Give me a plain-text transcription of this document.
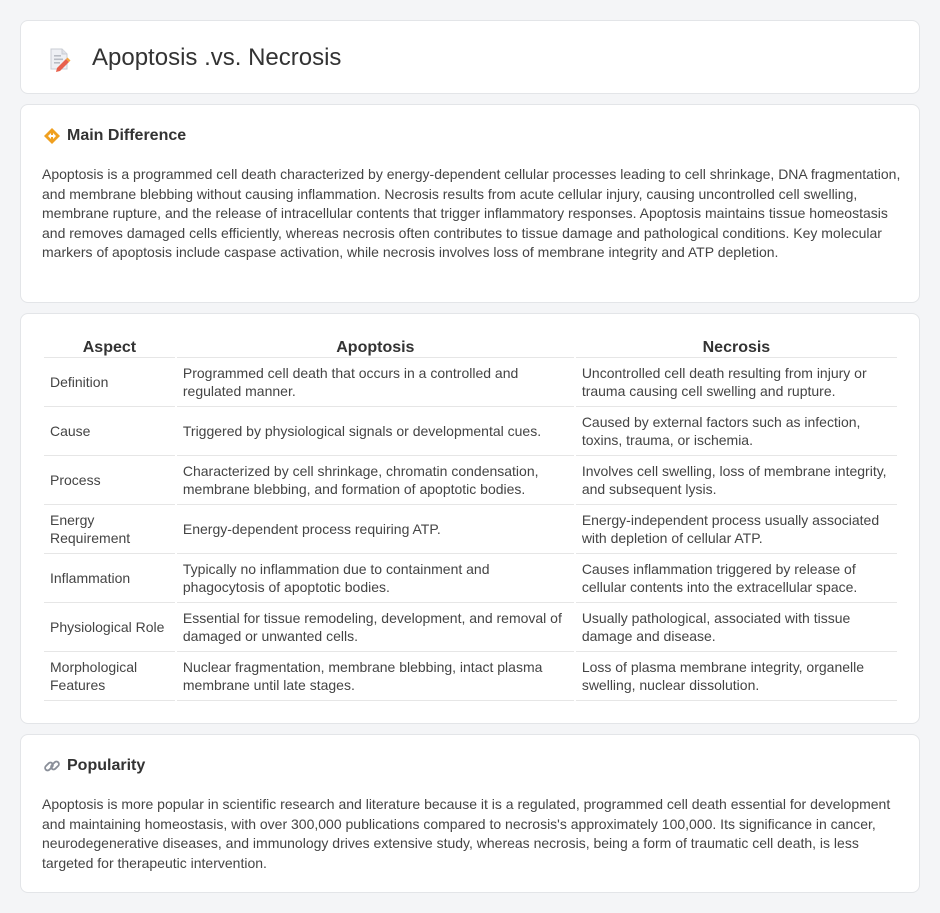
Apoptosis .vs. Necrosis
Main Difference

Apoptosis is a programmed cell death characterized by energy-dependent cellular processes leading to cell shrinkage, DNA fragmentation, and membrane blebbing without causing inflammation. Necrosis results from acute cellular injury, causing uncontrolled cell swelling, membrane rupture, and the release of intracellular contents that trigger inflammatory responses. Apoptosis maintains tissue homeostasis and removes damaged cells efficiently, whereas necrosis often contributes to tissue damage and pathological conditions. Key molecular markers of apoptosis include caspase activation, while necrosis involves loss of membrane integrity and ATP depletion.

Aspect	Apoptosis	Necrosis
Definition	Programmed cell death that occurs in a controlled and regulated manner.	Uncontrolled cell death resulting from injury or trauma causing cell swelling and rupture.
Cause	Triggered by physiological signals or developmental cues.	Caused by external factors such as infection, toxins, trauma, or ischemia.
Process	Characterized by cell shrinkage, chromatin condensation, membrane blebbing, and formation of apoptotic bodies.	Involves cell swelling, loss of membrane integrity, and subsequent lysis.
Energy Requirement	Energy-dependent process requiring ATP.	Energy-independent process usually associated with depletion of cellular ATP.
Inflammation	Typically no inflammation due to containment and phagocytosis of apoptotic bodies.	Causes inflammation triggered by release of cellular contents into the extracellular space.
Physiological Role	Essential for tissue remodeling, development, and removal of damaged or unwanted cells.	Usually pathological, associated with tissue damage and disease.
Morphological Features	Nuclear fragmentation, membrane blebbing, intact plasma membrane until late stages.	Loss of plasma membrane integrity, organelle swelling, nuclear dissolution.
Popularity

Apoptosis is more popular in scientific research and literature because it is a regulated, programmed cell death essential for development and maintaining homeostasis, with over 300,000 publications compared to necrosis's approximately 100,000. Its significance in cancer, neurodegenerative diseases, and immunology drives extensive study, whereas necrosis, being a form of traumatic cell death, is less targeted for therapeutic intervention.
